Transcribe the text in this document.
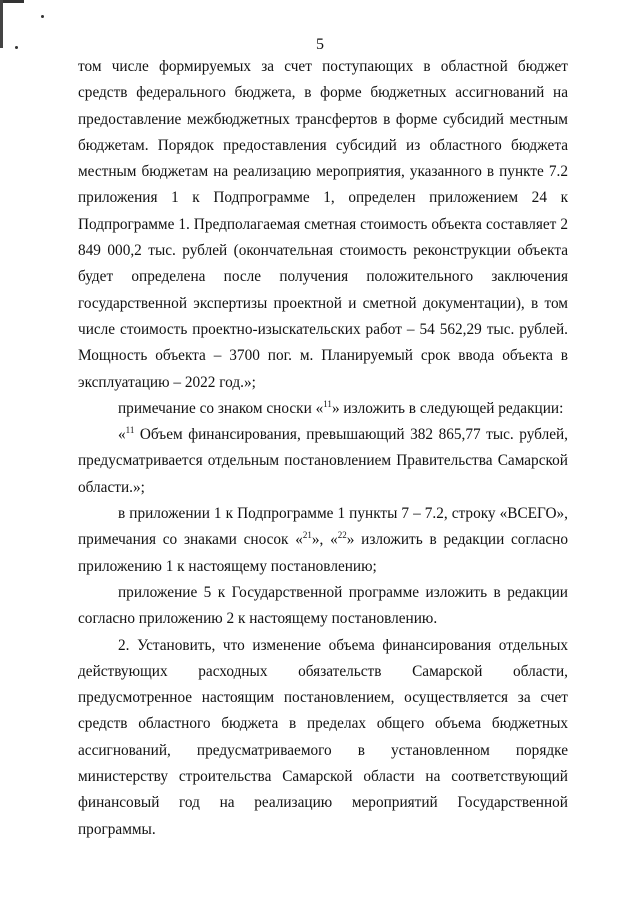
5

том числе формируемых за счет поступающих в областной бюджет средств федерального бюджета, в форме бюджетных ассигнований на предоставление межбюджетных трансфертов в форме субсидий местным бюджетам. Порядок предоставления субсидий из областного бюджета местным бюджетам на реализацию мероприятия, указанного в пункте 7.2 приложения 1 к Подпрограмме 1, определен приложением 24 к Подпрограмме 1. Предполагаемая сметная стоимость объекта составляет 2 849 000,2 тыс. рублей (окончательная стоимость реконструкции объекта будет определена после получения положительного заключения государственной экспертизы проектной и сметной документации), в том числе стоимость проектно-изыскательских работ – 54 562,29 тыс. рублей. Мощность объекта – 3700 пог. м. Планируемый срок ввода объекта в эксплуатацию – 2022 год.»;

примечание со знаком сноски «$^{11}$» изложить в следующей редакции:

«$^{11}$ Объем финансирования, превышающий 382 865,77 тыс. рублей, предусматривается отдельным постановлением Правительства Самарской области.»;

в приложении 1 к Подпрограмме 1 пункты 7 – 7.2, строку «ВСЕГО», примечания со знаками сносок «$^{21}$», «$^{22}$» изложить в редакции согласно приложению 1 к настоящему постановлению;

приложение 5 к Государственной программе изложить в редакции согласно приложению 2 к настоящему постановлению.

2. Установить, что изменение объема финансирования отдельных действующих расходных обязательств Самарской области, предусмотренное настоящим постановлением, осуществляется за счет средств областного бюджета в пределах общего объема бюджетных ассигнований, предусматриваемого в установленном порядке министерству строительства Самарской области на соответствующий финансовый год на реализацию мероприятий Государственной программы.
